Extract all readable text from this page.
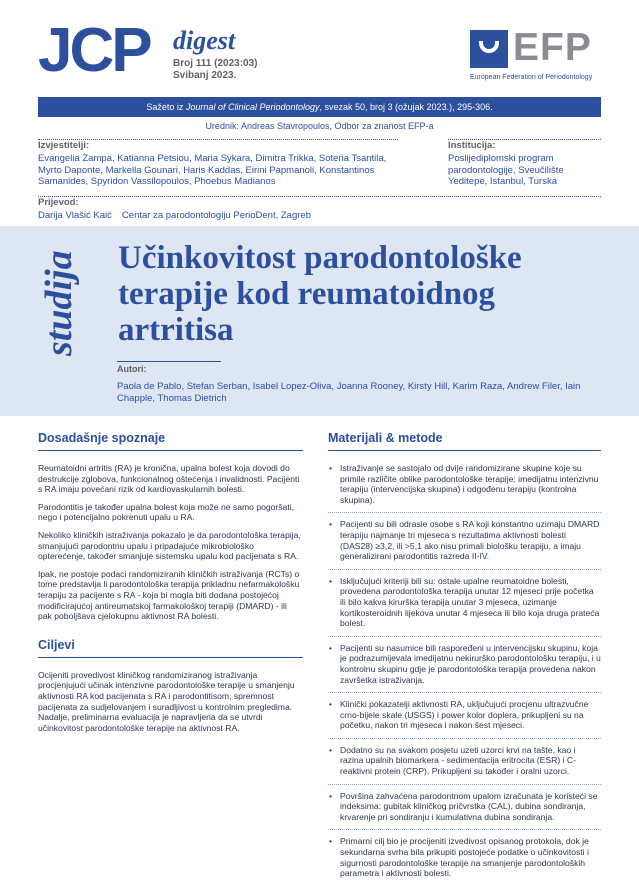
JCP digest
Broj 111 (2023:03)
Svibanj 2023.
EFP
European Federation of Periodontology
Sažeto iz Journal of Clinical Periodontology, svezak 50, broj 3 (ožujak 2023.), 295-306.
Urednik: Andreas Stavropoulos, Odbor za znanost EFP-a
Izvjestitelji:
Evangelia Zampa, Katianna Petsiou, Maria Sykara, Dimitra Trikka, Soteria Tsantila, Myrto Daponte, Markella Gounari, Haris Kaddas, Eirini Papmanoli, Konstantinos Samanides, Spyridon Vassilopoulos, Phoebus Madianos
Institucija:
Poslijediplomski program parodontologije, Sveučilište Yeditepe, Istanbul, Turska
Prijevod:
Darija Vlašić Kaić Centar za parodontologiju PerioDent, Zagreb
studija Učinkovitost parodontološke terapije kod reumatoidnog artritisa
Autori:
Paola de Pablo, Stefan Serban, Isabel Lopez-Oliva, Joanna Rooney, Kirsty Hill, Karim Raza, Andrew Filer, Iain Chapple, Thomas Dietrich
Dosadašnje spoznaje

Reumatoidni artritis (RA) je kronična, upalna bolest koja dovodi do destrukcije zglobova, funkcionalnog oštećenja i invalidnosti. Pacijenti s RA imaju povećani rizik od kardiovaskularnih bolesti.

Parodontitis je također upalna bolest koja može ne samo pogoršati, nego i potencijalno pokrenuti upalu u RA.

Nekoliko kliničkih istraživanja pokazalo je da parodontološka terapija, smanjujući parodontnu upalu i pripadajuće mikrobiološko opterećenje, također smanjuje sistemsku upalu kod pacijenata s RA.

Ipak, ne postoje podaci randomiziranih kliničkih istraživanja (RCTs) o tome predstavlja li parodontološka terapija prikladnu nefarmakološku terapiju za pacijente s RA - koja bi mogla biti dodana postojećoj modificirajućoj antireumatskoj farmakološkoj terapiji (DMARD) - ili pak poboljšava cjelokupnu aktivnost RA bolesti.

Ciljevi

Ocijeniti provedivost kliničkog randomiziranog istraživanja procjenjujući učinak intenzivne parodontološke terapije u smanjenju aktivnosti RA kod pacijenata s RA i parodontitisom, spremnost pacijenata za sudjelovanjem i suradljivost u kontrolnim pregledima. Nadalje, preliminarna evaluacija je napravljena da se utvrdi učinkovitost parodontološke terapije na aktivnost RA.

Materijali & metode
• Istraživanje se sastojalo od dvije randomizirane skupine koje su primile različite oblike parodontološke terapije: imedijatnu intenzivnu terapiju (intervencijska skupina) i odgođenu terapiju (kontrolna skupina).
• Pacijenti su bili odrasle osobe s RA koji konstantno uzimaju DMARD terapiju najmanje tri mjeseca s rezultatima aktivnosti bolesti (DAS28) ≥3,2, ili >5,1 ako nisu primali biološku terapiju, a imaju generalizirani parodontitis razreda II-IV.
• Isključujući kriteriji bili su: ostale upalne reumatoidne bolesti, provedena parodontološka terapija unutar 12 mjeseci prije početka ili bilo kakva kirurška terapija unutar 3 mjeseca, uzimanje kortikosteroidnih lijekova unutar 4 mjeseca ili bilo koja druga prateća bolest.
• Pacijenti su nasumice bili raspoređeni u intervencijsku skupinu, koja je podrazumijevala imedijatnu nekirurško parodontološku terapiju, i u kontrolnu skupinu gdje je parodontološka terapija provedena nakon završetka istraživanja.
• Klinički pokazatelji aktivnosti RA, uključujući procjenu ultrazvučne crno-bijele skale (USGS) i power kolor doplera, prikupljeni su na početku, nakon tri mjeseca i nakon šest mjeseci.
• Dodatno su na svakom posjetu uzeti uzorci krvi na tašte, kao i razina upalnih biomarkera - sedimentacija eritrocita (ESR) i C-reaktivni protein (CRP). Prikupljeni su također i oralni uzorci.
• Površina zahvaćena parodontnom upalom izračunata je koristeći se indeksima: gubitak kliničkog pričvrstka (CAL), dubina sondiranja, krvarenje pri sondiranju i kumulativna dubina sondiranja.
• Primarni cilj bio je procijeniti izvedivost opisanog protokola, dok je sekundarna svrha bila prikupiti postojeće podatke o učinkovitosti i sigurnosti parodontološke terapije na smanjenje parodontoloških parametra i aktivnosti bolesti.
